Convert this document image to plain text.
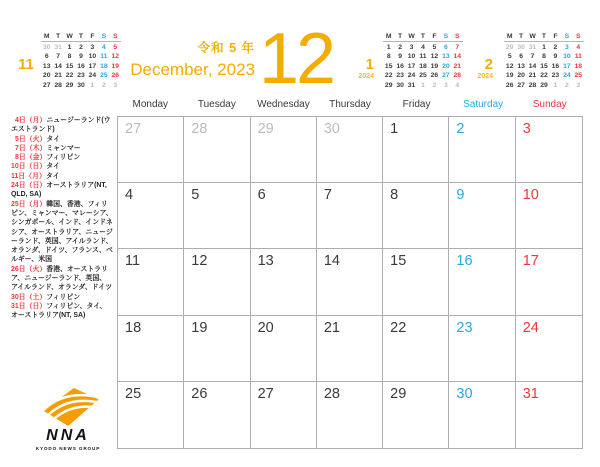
11
M T W T	F	S	S
30 31 1	2	3	4	5
6	7	8	9 10 11 12
13 14 15 16 17 18 19
20 21 22 23 24 25 26
27 28 29 30 1	2	3
令和 5 年
December, 2023 12	1
2024
M T W T	F	S	S
1	2	3	4	5	6	7
8	9 10 11 12 13 14
15 16 17 18 19 20 21
22 23 24 25 26 27 28
29 30 31 1	2	3	4
2
2024
M T W T	F	S	S
29 30 31 1	2	3	4
5	6	7	8	9 10 11
12 13 14 15 16 17 18
19 20 21 22 23 24 25
26 27 28 29 1	2	3
Monday	Tuesday	Wednesday	Thursday	Friday	Saturday	Sunday
27	28	29	30	1	2	3
4	5	6	7	8	9	10
11	12	13	14	15	16	17
18	19	20	21	22	23	24
25	26	27	28	29	30	31
4日（月）ニュージーランド(ウエストランド)
5日（火）タイ
7日（木）ミャンマー
8日（金）フィリピン
10日（日）タイ
11日（月）タイ
24日（日）オーストラリア(NT, QLD, SA)
25日（月）韓国、香港、フィリピン、ミャンマー、マレーシア、シンガポール、インド、インドネシア、オーストラリア、ニュージーランド、英国、アイルランド、オランダ、ドイツ、フランス、ベルギー、米国
26日（火）香港、オーストラリア、ニュージーランド、英国、アイルランド、オランダ、ドイツ
30日（土）フィリピン
31日（日）フィリピン、タイ、オーストラリア(NT, SA)
NNA
KYODO NEWS GROUP
